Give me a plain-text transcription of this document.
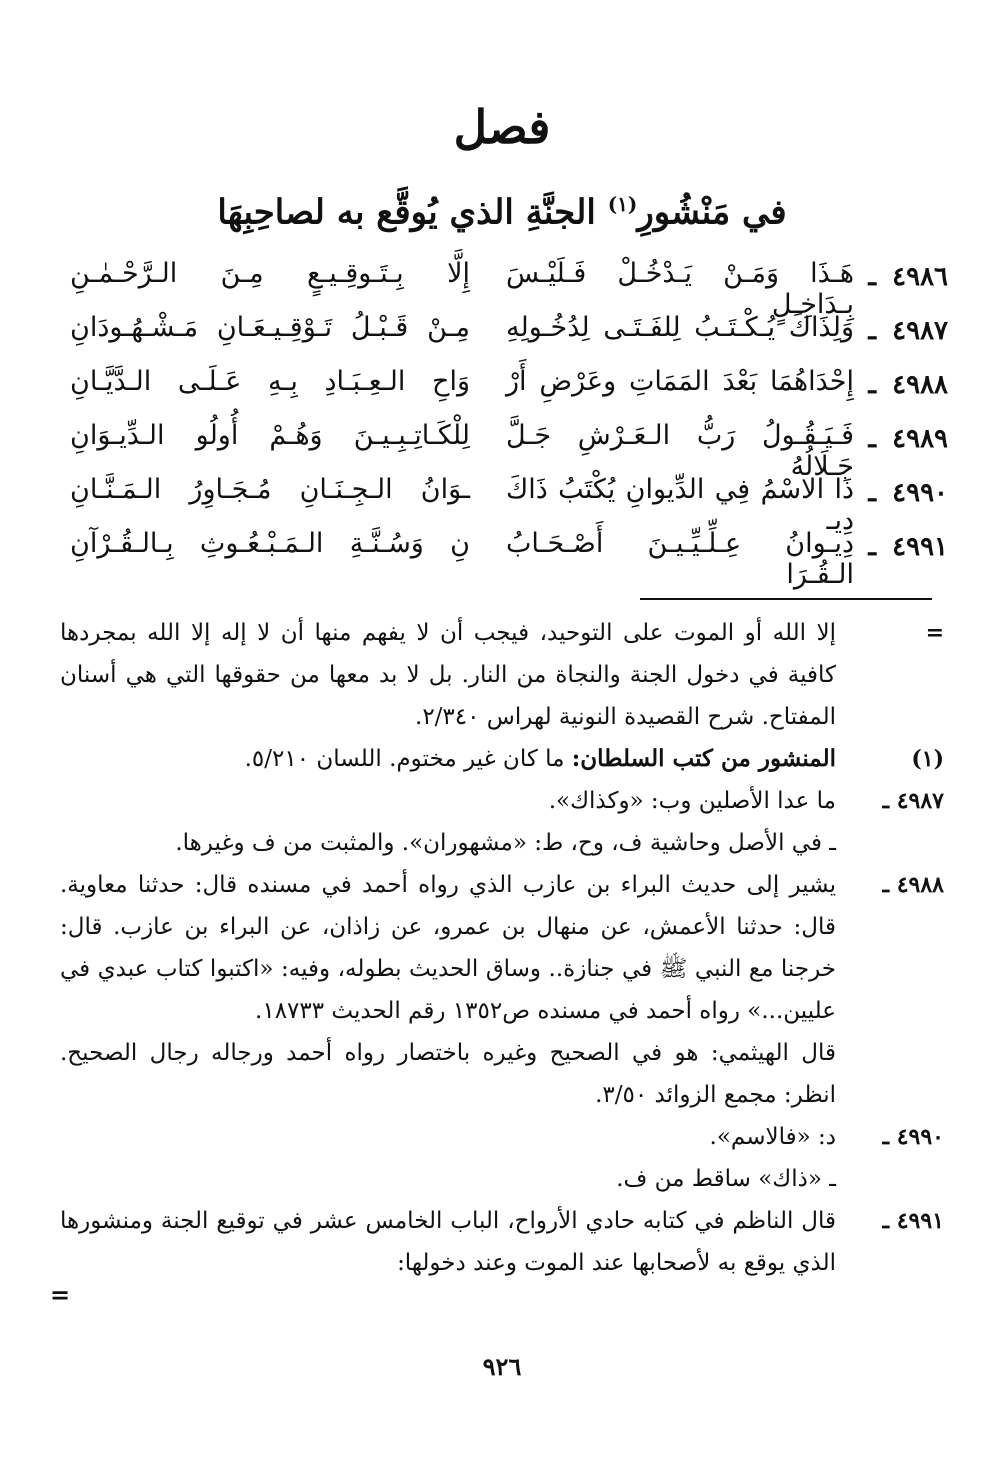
فصل
في مَنْشُورِ$^{(١)}$ الجنَّةِ الذي يُوقَّع به لصاحِبِهَا
٤٩٨٦
ـ
هَـذَا وَمَـنْ يَـدْخُـلْ فَـلَيْـسَ بِـدَاخِـلٍ
إِلَّا بِـتَـوقِـيـعٍ مِـنَ الـرَّحْـمٰـنِ
٤٩٨٧
ـ
وَلِذَاكَ يُـكْـتَـبُ لِلفَـتَـى لِدُخُـولِهِ
مِـنْ قَـبْـلُ تَـوْقِـيـعَـانِ مَـشْـهُـودَانِ
٤٩٨٨
ـ
إِحْدَاهُمَا بَعْدَ المَمَاتِ وعَرْضِ أَرْ
وَاحِ الـعِـبَـادِ بِـهِ عَـلَـى الـدَّيَّـانِ
٤٩٨٩
ـ
فَـيَـقُـولُ رَبُّ الـعَـرْشِ جَـلَّ جَـلَالُهُ
لِلْكَـاتِـبِـيـنَ وَهُـمْ أُولُو الـدِّيـوَانِ
٤٩٩٠
ـ
ذَا الاسْمُ فِي الدِّيوانِ يُكْتَبُ ذَاكَ دِيـ
ـوَانُ الـجِـنَـانِ مُـجَـاوِرُ الـمَـنَّـانِ
٤٩٩١
ـ
دِيـوانُ عِـلِّـيِّـيـنَ أَصْـحَـابُ الـقُـرَا
نِ وَسُـنَّـةِ الـمَـبْـعُـوثِ بِـالـقُـرْآنِ
=

إلا الله أو الموت على التوحيد، فيجب أن لا يفهم منها أن لا إله إلا الله بمجردها كافية في دخول الجنة والنجاة من النار. بل لا بد معها من حقوقها التي هي أسنان المفتاح. شرح القصيدة النونية لهراس ٢/٣٤٠.

(١)

المنشور من كتب السلطان: ما كان غير مختوم. اللسان ٥/٢١٠.

٤٩٨٧ ـ

ما عدا الأصلين وب: «وكذاك».

ـ في الأصل وحاشية ف، وح، ط: «مشهوران». والمثبت من ف وغيرها.

٤٩٨٨ ـ

يشير إلى حديث البراء بن عازب الذي رواه أحمد في مسنده قال: حدثنا معاوية. قال: حدثنا الأعمش، عن منهال بن عمرو، عن زاذان، عن البراء بن عازب. قال: خرجنا مع النبي ﷺ في جنازة.. وساق الحديث بطوله، وفيه: «اكتبوا كتاب عبدي في عليين...» رواه أحمد في مسنده ص١٣٥٢ رقم الحديث ١٨٧٣٣.

قال الهيثمي: هو في الصحيح وغيره باختصار رواه أحمد ورجاله رجال الصحيح. انظر: مجمع الزوائد ٣/٥٠.

٤٩٩٠ ـ

د: «فالاسم».

ـ «ذاك» ساقط من ف.

٤٩٩١ ـ

قال الناظم في كتابه حادي الأرواح، الباب الخامس عشر في توقيع الجنة ومنشورها الذي يوقع به لأصحابها عند الموت وعند دخولها:

=
٩٢٦
